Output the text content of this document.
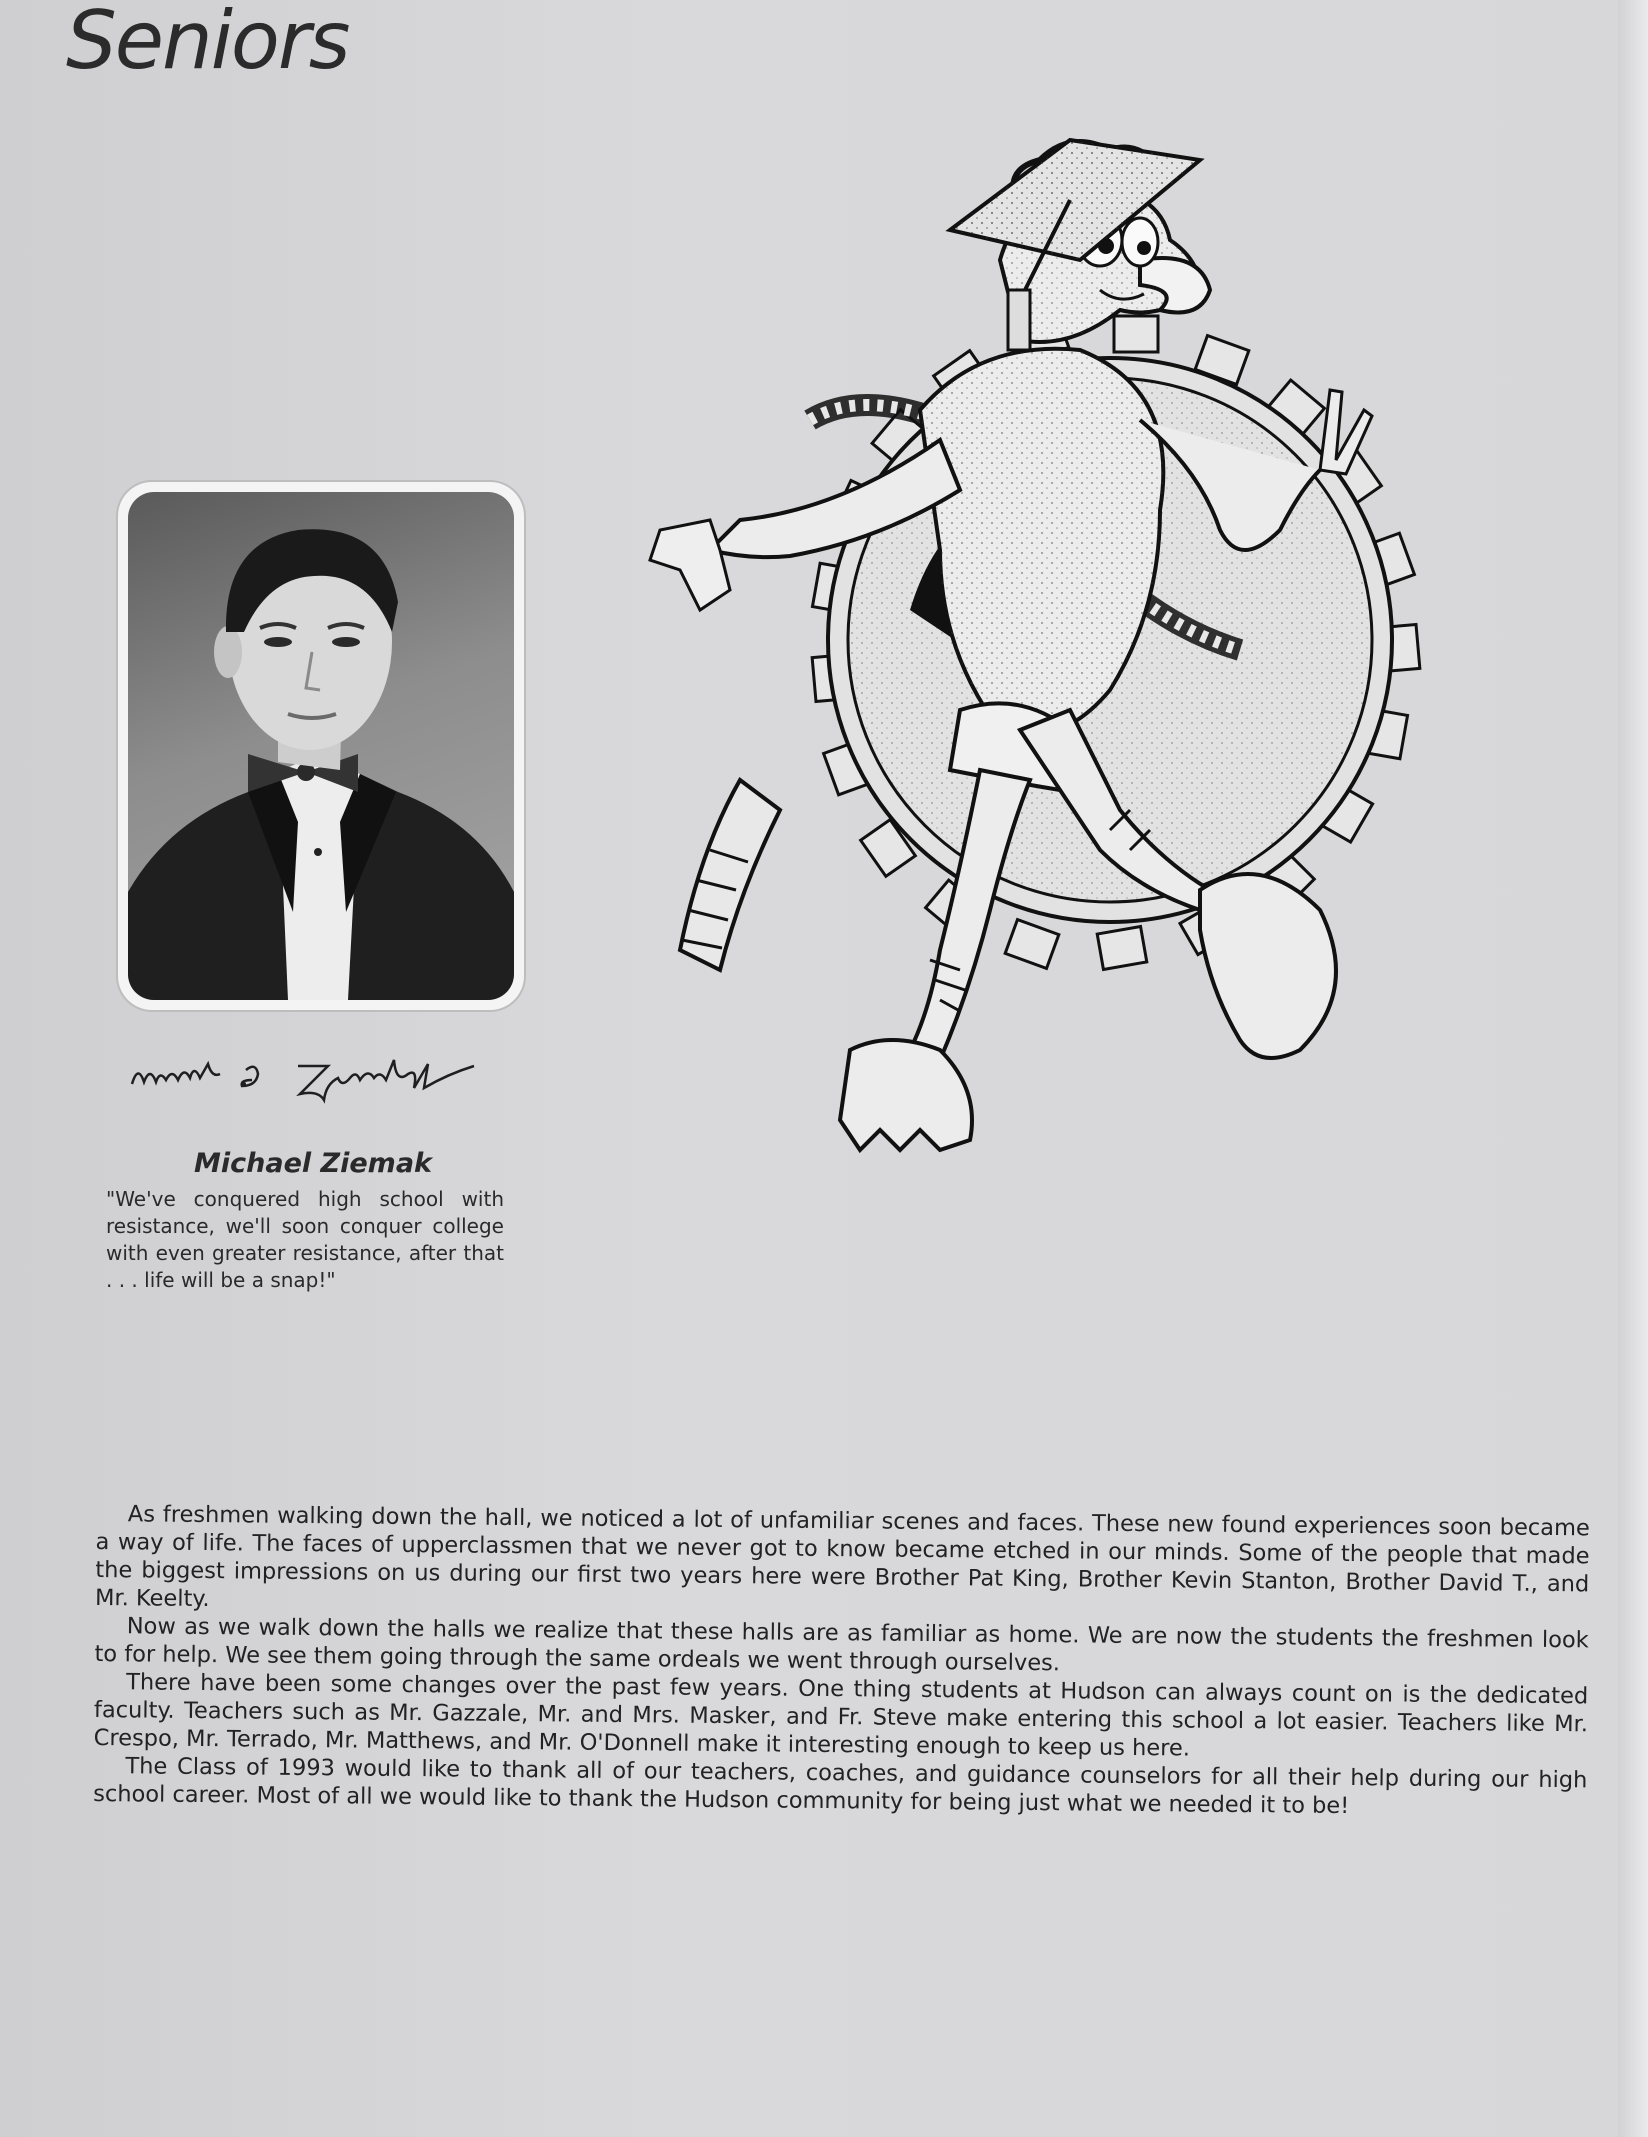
Seniors
Michael Ziemak
"We've conquered high school with resistance, we'll soon conquer college with even greater resistance, after that . . . life will be a snap!"

As freshmen walking down the hall, we noticed a lot of unfamiliar scenes and faces. These new found experiences soon became a way of life. The faces of upperclassmen that we never got to know became etched in our minds. Some of the people that made the biggest impressions on us during our first two years here were Brother Pat King, Brother Kevin Stanton, Brother David T., and Mr. Keelty.

Now as we walk down the halls we realize that these halls are as familiar as home. We are now the students the freshmen look to for help. We see them going through the same ordeals we went through ourselves.

There have been some changes over the past few years. One thing students at Hudson can always count on is the dedicated faculty. Teachers such as Mr. Gazzale, Mr. and Mrs. Masker, and Fr. Steve make entering this school a lot easier. Teachers like Mr. Crespo, Mr. Terrado, Mr. Matthews, and Mr. O'Donnell make it interesting enough to keep us here.

The Class of 1993 would like to thank all of our teachers, coaches, and guidance counselors for all their help during our high school career. Most of all we would like to thank the Hudson community for being just what we needed it to be!
